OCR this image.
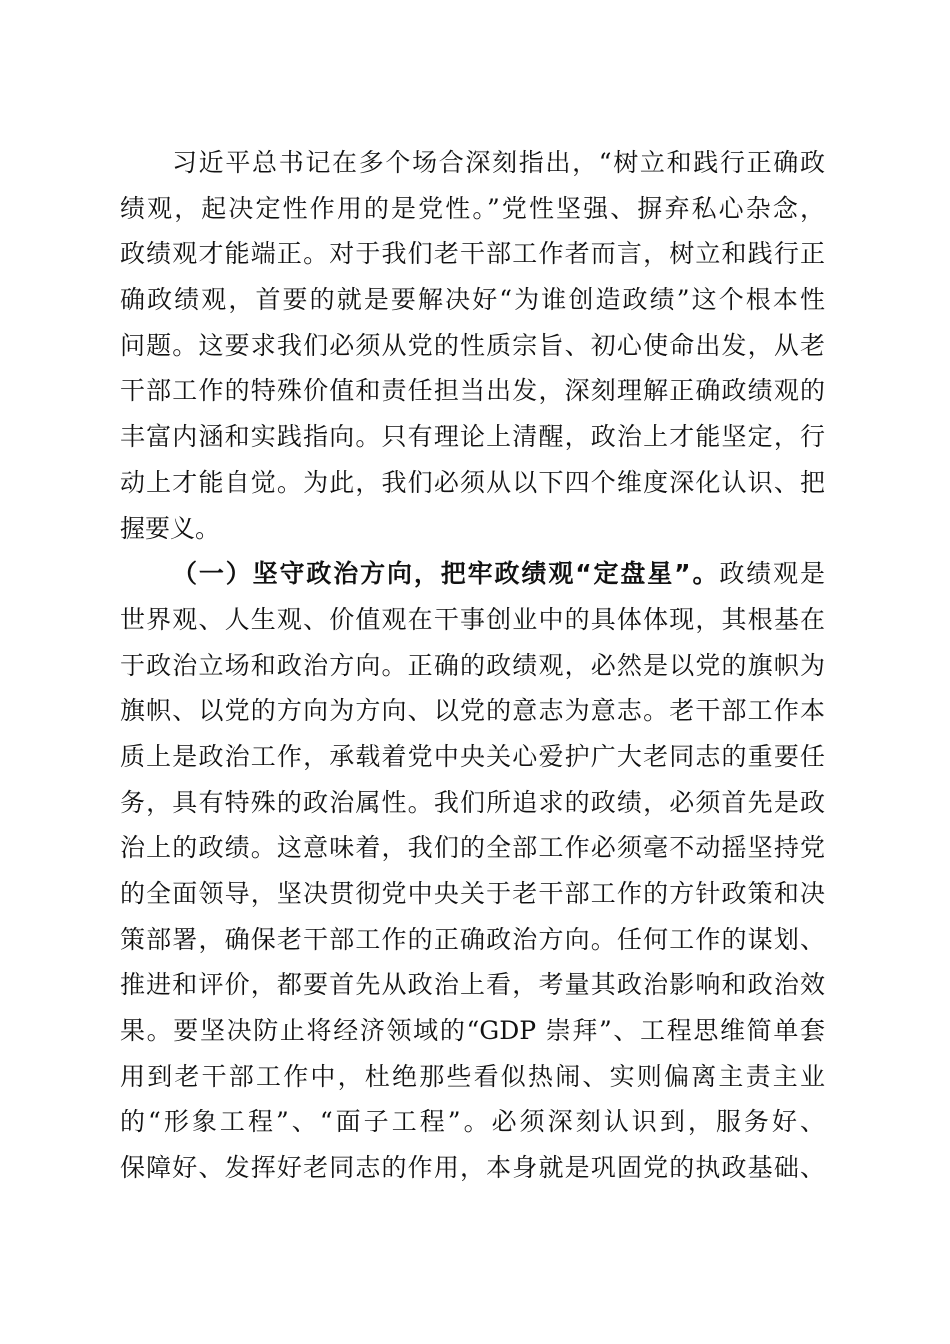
习近平总书记在多个场合深刻指出，“树立和践行正确政
绩观，起决定性作用的是党性。”党性坚强、摒弃私心杂念，
政绩观才能端正。对于我们老干部工作者而言，树立和践行正
确政绩观，首要的就是要解决好“为谁创造政绩”这个根本性
问题。这要求我们必须从党的性质宗旨、初心使命出发，从老
干部工作的特殊价值和责任担当出发，深刻理解正确政绩观的
丰富内涵和实践指向。只有理论上清醒，政治上才能坚定，行
动上才能自觉。为此，我们必须从以下四个维度深化认识、把
握要义。
（一）坚守政治方向，把牢政绩观“定盘星”。政绩观是
世界观、人生观、价值观在干事创业中的具体体现，其根基在
于政治立场和政治方向。正确的政绩观，必然是以党的旗帜为
旗帜、以党的方向为方向、以党的意志为意志。老干部工作本
质上是政治工作，承载着党中央关心爱护广大老同志的重要任
务，具有特殊的政治属性。我们所追求的政绩，必须首先是政
治上的政绩。这意味着，我们的全部工作必须毫不动摇坚持党
的全面领导，坚决贯彻党中央关于老干部工作的方针政策和决
策部署，确保老干部工作的正确政治方向。任何工作的谋划、
推进和评价，都要首先从政治上看，考量其政治影响和政治效
果。要坚决防止将经济领域的“GDP 崇拜”、工程思维简单套
用到老干部工作中，杜绝那些看似热闹、实则偏离主责主业
的“形象工程”、“面子工程”。必须深刻认识到，服务好、
保障好、发挥好老同志的作用，本身就是巩固党的执政基础、
